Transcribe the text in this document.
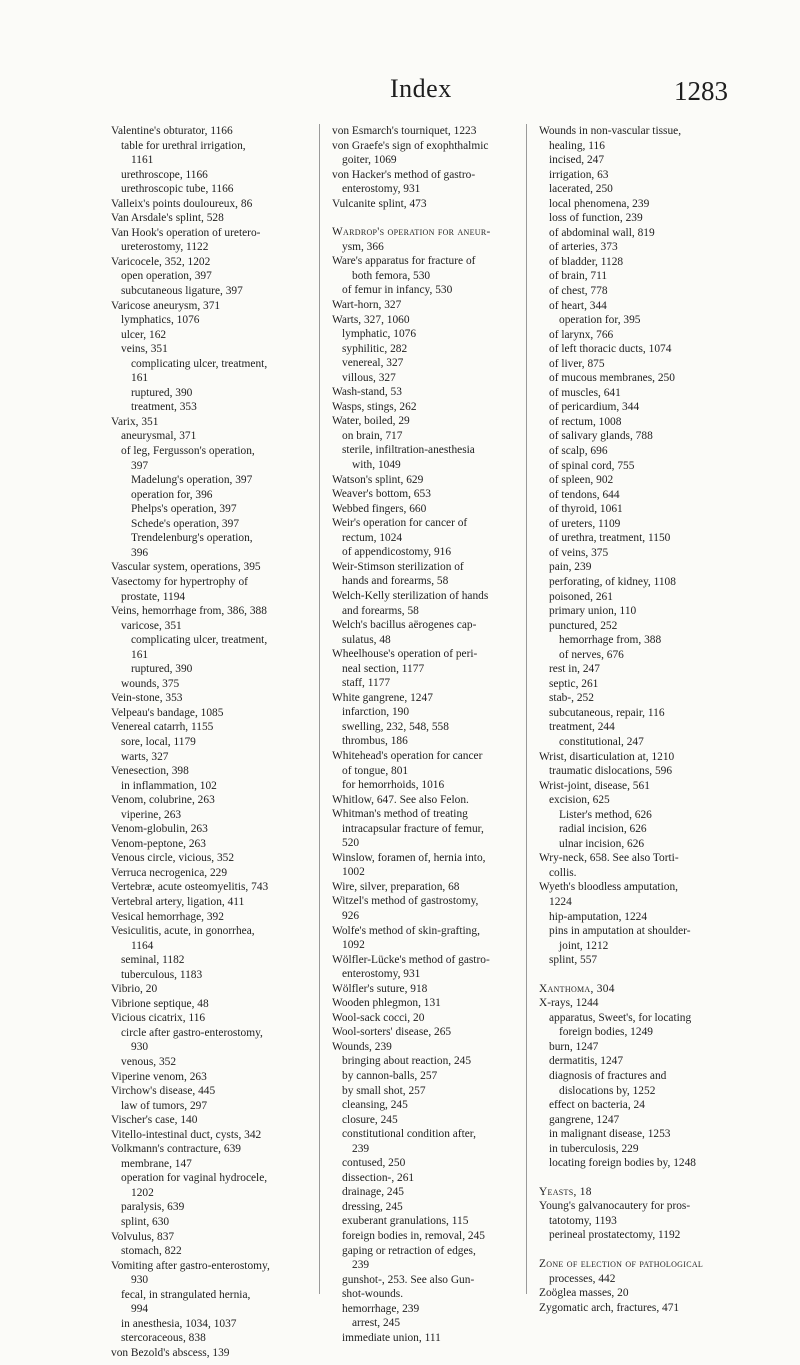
Index	1283
Valentine's obturator, 1166
table for urethral irrigation,
1161
urethroscope, 1166
urethroscopic tube, 1166
Valleix's points douloureux, 86
Van Arsdale's splint, 528
Van Hook's operation of uretero-
ureterostomy, 1122
Varicocele, 352, 1202
open operation, 397
subcutaneous ligature, 397
Varicose aneurysm, 371
lymphatics, 1076
ulcer, 162
veins, 351
complicating ulcer, treatment,
161
ruptured, 390
treatment, 353
Varix, 351
aneurysmal, 371
of leg, Fergusson's operation,
397
Madelung's operation, 397
operation for, 396
Phelps's operation, 397
Schede's operation, 397
Trendelenburg's operation,
396
Vascular system, operations, 395
Vasectomy for hypertrophy of
prostate, 1194
Veins, hemorrhage from, 386, 388
varicose, 351
complicating ulcer, treatment,
161
ruptured, 390
wounds, 375
Vein-stone, 353
Velpeau's bandage, 1085
Venereal catarrh, 1155
sore, local, 1179
warts, 327
Venesection, 398
in inflammation, 102
Venom, colubrine, 263
viperine, 263
Venom-globulin, 263
Venom-peptone, 263
Venous circle, vicious, 352
Verruca necrogenica, 229
Vertebræ, acute osteomyelitis, 743
Vertebral artery, ligation, 411
Vesical hemorrhage, 392
Vesiculitis, acute, in gonorrhea,
1164
seminal, 1182
tuberculous, 1183
Vibrio, 20
Vibrione septique, 48
Vicious cicatrix, 116
circle after gastro-enterostomy,
930
venous, 352
Viperine venom, 263
Virchow's disease, 445
law of tumors, 297
Vischer's case, 140
Vitello-intestinal duct, cysts, 342
Volkmann's contracture, 639
membrane, 147
operation for vaginal hydrocele,
1202
paralysis, 639
splint, 630
Volvulus, 837
stomach, 822
Vomiting after gastro-enterostomy,
930
fecal, in strangulated hernia,
994
in anesthesia, 1034, 1037
stercoraceous, 838
von Bezold's abscess, 139
von Esmarch's tourniquet, 1223
von Graefe's sign of exophthalmic
goiter, 1069
von Hacker's method of gastro-
enterostomy, 931
Vulcanite splint, 473
Wardrop's operation for aneur-
ysm, 366
Ware's apparatus for fracture of
both femora, 530
of femur in infancy, 530
Wart-horn, 327
Warts, 327, 1060
lymphatic, 1076
syphilitic, 282
venereal, 327
villous, 327
Wash-stand, 53
Wasps, stings, 262
Water, boiled, 29
on brain, 717
sterile, infiltration-anesthesia
with, 1049
Watson's splint, 629
Weaver's bottom, 653
Webbed fingers, 660
Weir's operation for cancer of
rectum, 1024
of appendicostomy, 916
Weir-Stimson sterilization of
hands and forearms, 58
Welch-Kelly sterilization of hands
and forearms, 58
Welch's bacillus aërogenes cap-
sulatus, 48
Wheelhouse's operation of peri-
neal section, 1177
staff, 1177
White gangrene, 1247
infarction, 190
swelling, 232, 548, 558
thrombus, 186
Whitehead's operation for cancer
of tongue, 801
for hemorrhoids, 1016
Whitlow, 647. See also Felon.
Whitman's method of treating
intracapsular fracture of femur,
520
Winslow, foramen of, hernia into,
1002
Wire, silver, preparation, 68
Witzel's method of gastrostomy,
926
Wolfe's method of skin-grafting,
1092
Wölfler-Lücke's method of gastro-
enterostomy, 931
Wölfler's suture, 918
Wooden phlegmon, 131
Wool-sack cocci, 20
Wool-sorters' disease, 265
Wounds, 239
bringing about reaction, 245
by cannon-balls, 257
by small shot, 257
cleansing, 245
closure, 245
constitutional condition after,
239
contused, 250
dissection-, 261
drainage, 245
dressing, 245
exuberant granulations, 115
foreign bodies in, removal, 245
gaping or retraction of edges,
239
gunshot-, 253. See also Gun-
shot-wounds.
hemorrhage, 239
arrest, 245
immediate union, 111
Wounds in non-vascular tissue,
healing, 116
incised, 247
irrigation, 63
lacerated, 250
local phenomena, 239
loss of function, 239
of abdominal wall, 819
of arteries, 373
of bladder, 1128
of brain, 711
of chest, 778
of heart, 344
operation for, 395
of larynx, 766
of left thoracic ducts, 1074
of liver, 875
of mucous membranes, 250
of muscles, 641
of pericardium, 344
of rectum, 1008
of salivary glands, 788
of scalp, 696
of spinal cord, 755
of spleen, 902
of tendons, 644
of thyroid, 1061
of ureters, 1109
of urethra, treatment, 1150
of veins, 375
pain, 239
perforating, of kidney, 1108
poisoned, 261
primary union, 110
punctured, 252
hemorrhage from, 388
of nerves, 676
rest in, 247
septic, 261
stab-, 252
subcutaneous, repair, 116
treatment, 244
constitutional, 247
Wrist, disarticulation at, 1210
traumatic dislocations, 596
Wrist-joint, disease, 561
excision, 625
Lister's method, 626
radial incision, 626
ulnar incision, 626
Wry-neck, 658. See also Torti-
collis.
Wyeth's bloodless amputation,
1224
hip-amputation, 1224
pins in amputation at shoulder-
joint, 1212
splint, 557
Xanthoma, 304
X-rays, 1244
apparatus, Sweet's, for locating
foreign bodies, 1249
burn, 1247
dermatitis, 1247
diagnosis of fractures and
dislocations by, 1252
effect on bacteria, 24
gangrene, 1247
in malignant disease, 1253
in tuberculosis, 229
locating foreign bodies by, 1248
Yeasts, 18
Young's galvanocautery for pros-
tatotomy, 1193
perineal prostatectomy, 1192
Zone of election of pathological
processes, 442
Zoöglea masses, 20
Zygomatic arch, fractures, 471
